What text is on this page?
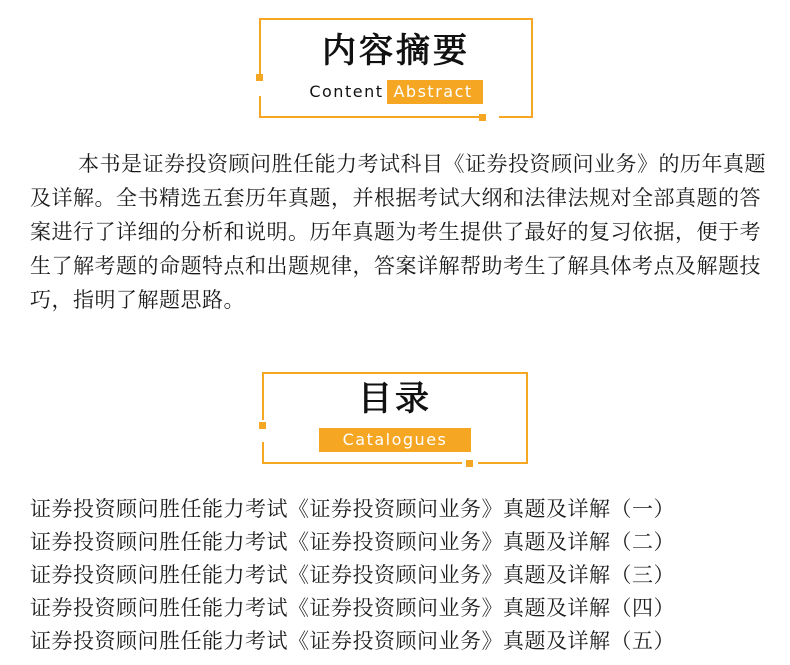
内容摘要
Content Abstract

本书是证券投资顾问胜任能力考试科目《证券投资顾问业务》的历年真题及详解。全书精选五套历年真题，并根据考试大纲和法律法规对全部真题的答案进行了详细的分析和说明。历年真题为考生提供了最好的复习依据，便于考生了解考题的命题特点和出题规律，答案详解帮助考生了解具体考点及解题技巧，指明了解题思路。

目录
Catalogues
证券投资顾问胜任能力考试《证券投资顾问业务》真题及详解（一）
证券投资顾问胜任能力考试《证券投资顾问业务》真题及详解（二）
证券投资顾问胜任能力考试《证券投资顾问业务》真题及详解（三）
证券投资顾问胜任能力考试《证券投资顾问业务》真题及详解（四）
证券投资顾问胜任能力考试《证券投资顾问业务》真题及详解（五）
